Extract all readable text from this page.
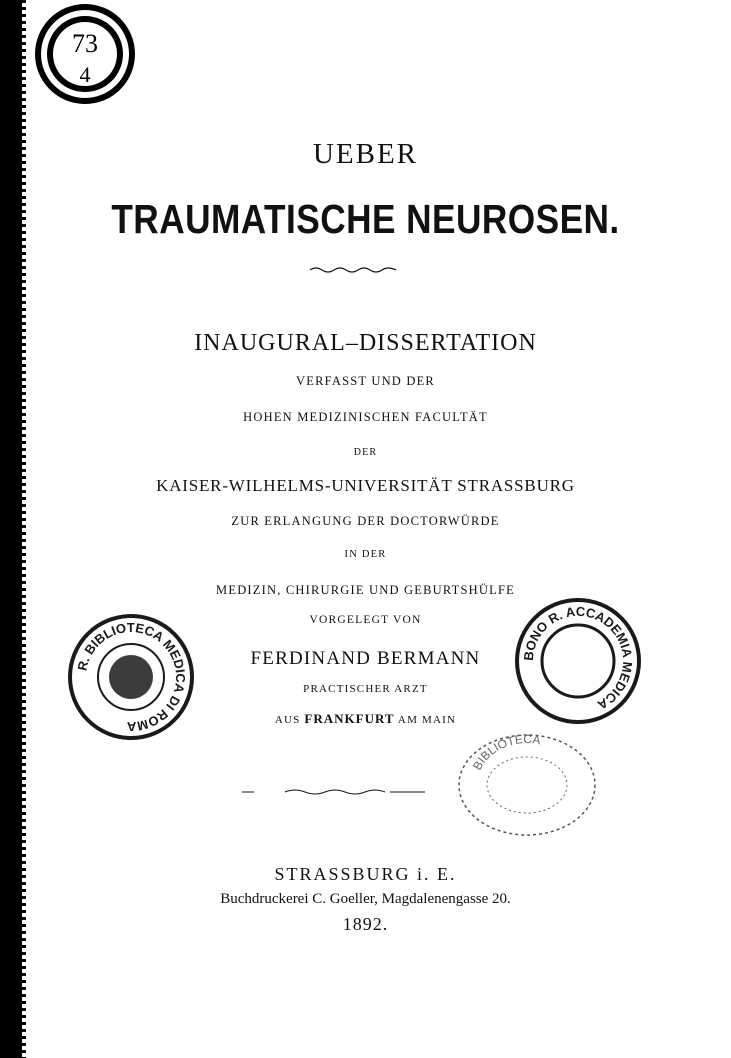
73
4
UEBER
TRAUMATISCHE NEUROSEN.
INAUGURAL–DISSERTATION
VERFASST UND DER
HOHEN MEDIZINISCHEN FACULTÄT
DER
KAISER-WILHELMS-UNIVERSITÄT STRASSBURG
ZUR ERLANGUNG DER DOCTORWÜRDE
IN DER
MEDIZIN, CHIRURGIE UND GEBURTSHÜLFE
VORGELEGT VON
FERDINAND BERMANN
PRACTISCHER ARZT
AUS FRANKFURT AM MAIN
R. BIBLIOTECA MEDICA DI ROMA
BONO R. ACCADEMIA MEDICA
BIBLIOTECA
STRASSBURG i. E.
Buchdruckerei C. Goeller, Magdalenengasse 20.
1892.
